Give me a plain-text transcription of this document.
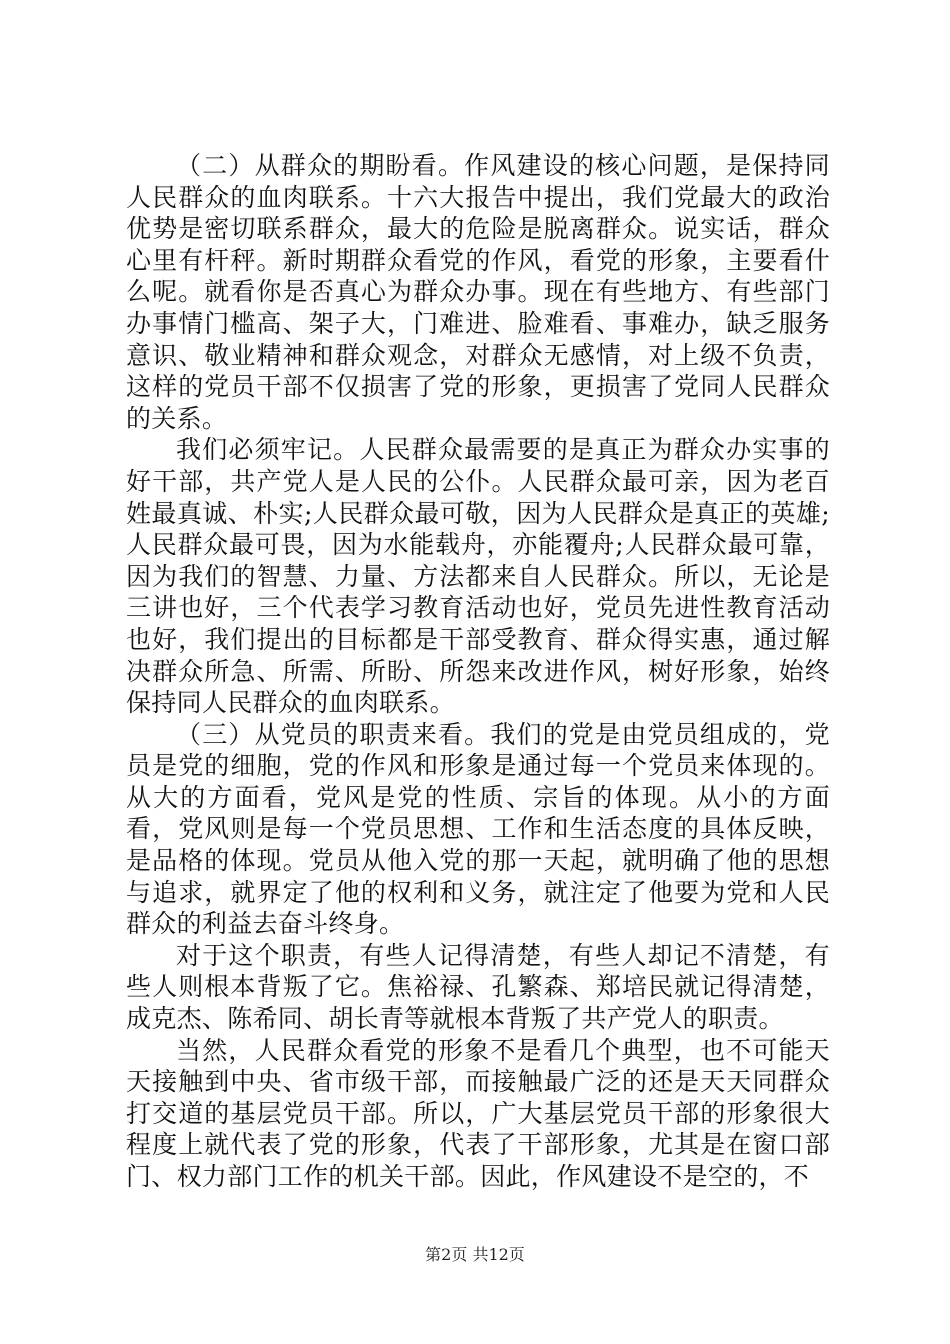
（二）从群众的期盼看。作风建设的核心问题，是保持同人民群众的血肉联系。十六大报告中提出，我们党最大的政治优势是密切联系群众，最大的危险是脱离群众。说实话，群众心里有杆秤。新时期群众看党的作风，看党的形象，主要看什么呢。就看你是否真心为群众办事。现在有些地方、有些部门办事情门槛高、架子大，门难进、脸难看、事难办，缺乏服务意识、敬业精神和群众观念，对群众无感情，对上级不负责，这样的党员干部不仅损害了党的形象，更损害了党同人民群众的关系。

我们必须牢记。人民群众最需要的是真正为群众办实事的好干部，共产党人是人民的公仆。人民群众最可亲，因为老百姓最真诚、朴实;人民群众最可敬，因为人民群众是真正的英雄;人民群众最可畏，因为水能载舟，亦能覆舟;人民群众最可靠，因为我们的智慧、力量、方法都来自人民群众。所以，无论是三讲也好，三个代表学习教育活动也好，党员先进性教育活动也好，我们提出的目标都是干部受教育、群众得实惠，通过解决群众所急、所需、所盼、所怨来改进作风，树好形象，始终保持同人民群众的血肉联系。

（三）从党员的职责来看。我们的党是由党员组成的，党员是党的细胞，党的作风和形象是通过每一个党员来体现的。从大的方面看，党风是党的性质、宗旨的体现。从小的方面看，党风则是每一个党员思想、工作和生活态度的具体反映，是品格的体现。党员从他入党的那一天起，就明确了他的思想与追求，就界定了他的权利和义务，就注定了他要为党和人民群众的利益去奋斗终身。

对于这个职责，有些人记得清楚，有些人却记不清楚，有些人则根本背叛了它。焦裕禄、孔繁森、郑培民就记得清楚，成克杰、陈希同、胡长青等就根本背叛了共产党人的职责。

当然，人民群众看党的形象不是看几个典型，也不可能天天接触到中央、省市级干部，而接触最广泛的还是天天同群众打交道的基层党员干部。所以，广大基层党员干部的形象很大程度上就代表了党的形象，代表了干部形象，尤其是在窗口部门、权力部门工作的机关干部。因此，作风建设不是空的，不

第2页 共12页
